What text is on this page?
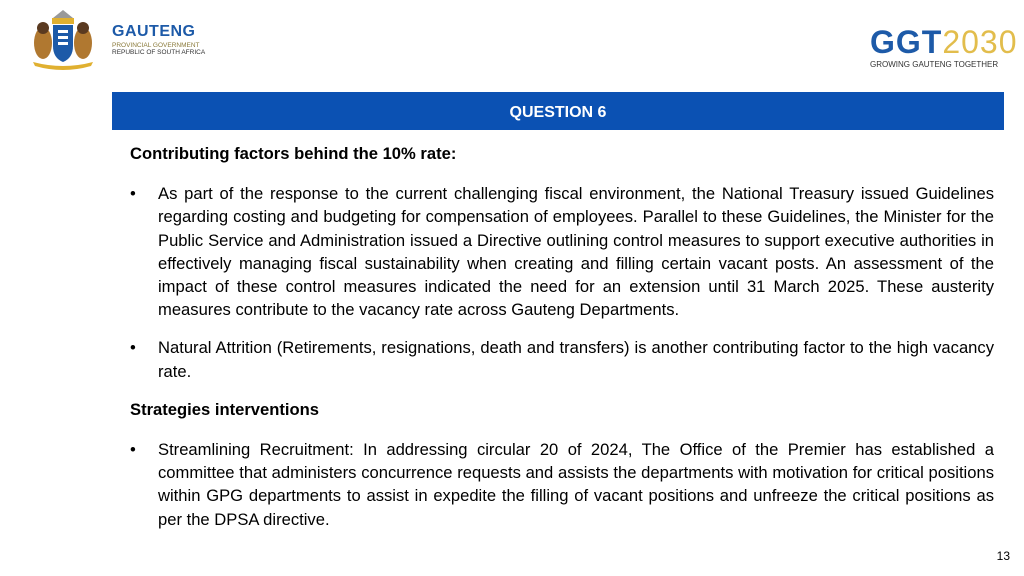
GAUTENG
PROVINCIAL GOVERNMENT
REPUBLIC OF SOUTH AFRICA	GGT2030
GROWING GAUTENG TOGETHER
QUESTION 6

Contributing factors behind the 10% rate:

•	As part of the response to the current challenging fiscal environment, the National Treasury issued Guidelines regarding costing and budgeting for compensation of employees. Parallel to these Guidelines, the Minister for the Public Service and Administration issued a Directive outlining control measures to support executive authorities in effectively managing fiscal sustainability when creating and filling certain vacant posts. An assessment of the impact of these control measures indicated the need for an extension until 31 March 2025. These austerity measures contribute to the vacancy rate across Gauteng Departments.
•	Natural Attrition (Retirements, resignations, death and transfers) is another contributing factor to the high vacancy rate.

Strategies interventions

•	Streamlining Recruitment: In addressing circular 20 of 2024, The Office of the Premier has established a committee that administers concurrence requests and assists the departments with motivation for critical positions within GPG departments to assist in expedite the filling of vacant positions and unfreeze the critical positions as per the DPSA directive.
13
